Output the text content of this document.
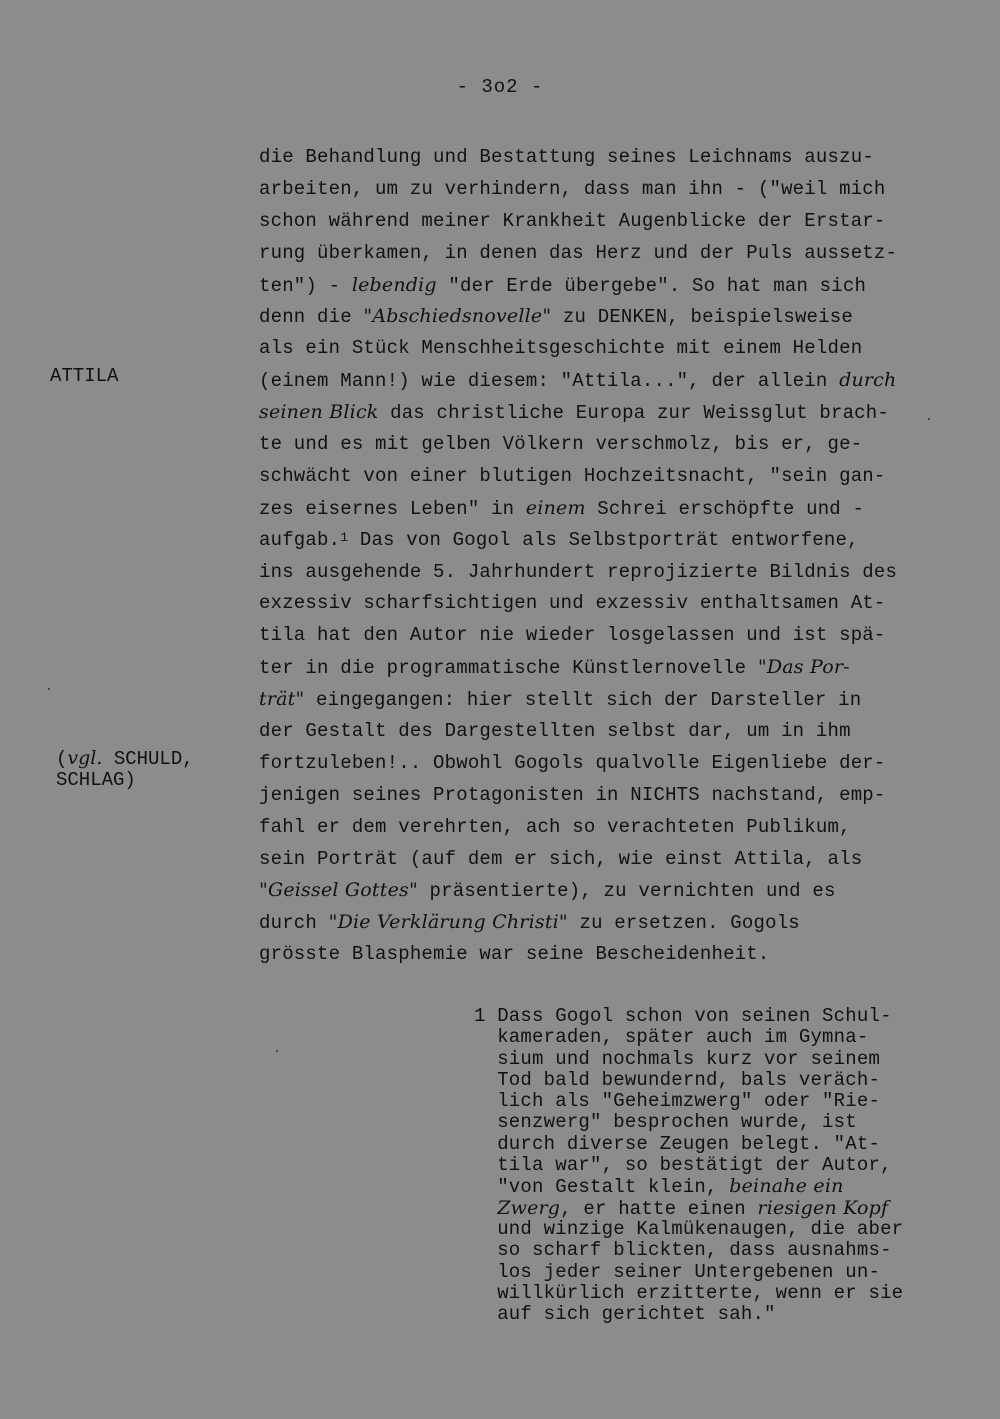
- 3o2 -
ATTILA
(vgl. SCHULD,
SCHLAG)
die Behandlung und Bestattung seines Leichnams auszu-
arbeiten, um zu verhindern, dass man ihn - ("weil mich
schon während meiner Krankheit Augenblicke der Erstar-
rung überkamen, in denen das Herz und der Puls aussetz-
ten") - lebendig "der Erde übergebe". So hat man sich
denn die "Abschiedsnovelle" zu DENKEN, beispielsweise
als ein Stück Menschheitsgeschichte mit einem Helden
(einem Mann!) wie diesem: "Attila...", der allein durch
seinen Blick das christliche Europa zur Weissglut brach-
te und es mit gelben Völkern verschmolz, bis er, ge-
schwächt von einer blutigen Hochzeitsnacht, "sein gan-
zes eisernes Leben" in einem Schrei erschöpfte und -
aufgab.$^1$ Das von Gogol als Selbstporträt entworfene,
ins ausgehende 5. Jahrhundert reprojizierte Bildnis des
exzessiv scharfsichtigen und exzessiv enthaltsamen At-
tila hat den Autor nie wieder losgelassen und ist spä-
ter in die programmatische Künstlernovelle "Das Por-
trät" eingegangen: hier stellt sich der Darsteller in
der Gestalt des Dargestellten selbst dar, um in ihm
fortzuleben!.. Obwohl Gogols qualvolle Eigenliebe der-
jenigen seines Protagonisten in NICHTS nachstand, emp-
fahl er dem verehrten, ach so verachteten Publikum,
sein Porträt (auf dem er sich, wie einst Attila, als
"Geissel Gottes" präsentierte), zu vernichten und es
durch "Die Verklärung Christi" zu ersetzen. Gogols
grösste Blasphemie war seine Bescheidenheit.
1 Dass Gogol schon von seinen Schul-
kameraden, später auch im Gymna-
sium und nochmals kurz vor seinem
Tod bald bewundernd, bals veräch-
lich als "Geheimzwerg" oder "Rie-
senzwerg" besprochen wurde, ist
durch diverse Zeugen belegt. "At-
tila war", so bestätigt der Autor,
"von Gestalt klein, beinahe ein
Zwerg, er hatte einen riesigen Kopf
und winzige Kalmükenaugen, die aber
so scharf blickten, dass ausnahms-
los jeder seiner Untergebenen un-
willkürlich erzitterte, wenn er sie
auf sich gerichtet sah."
